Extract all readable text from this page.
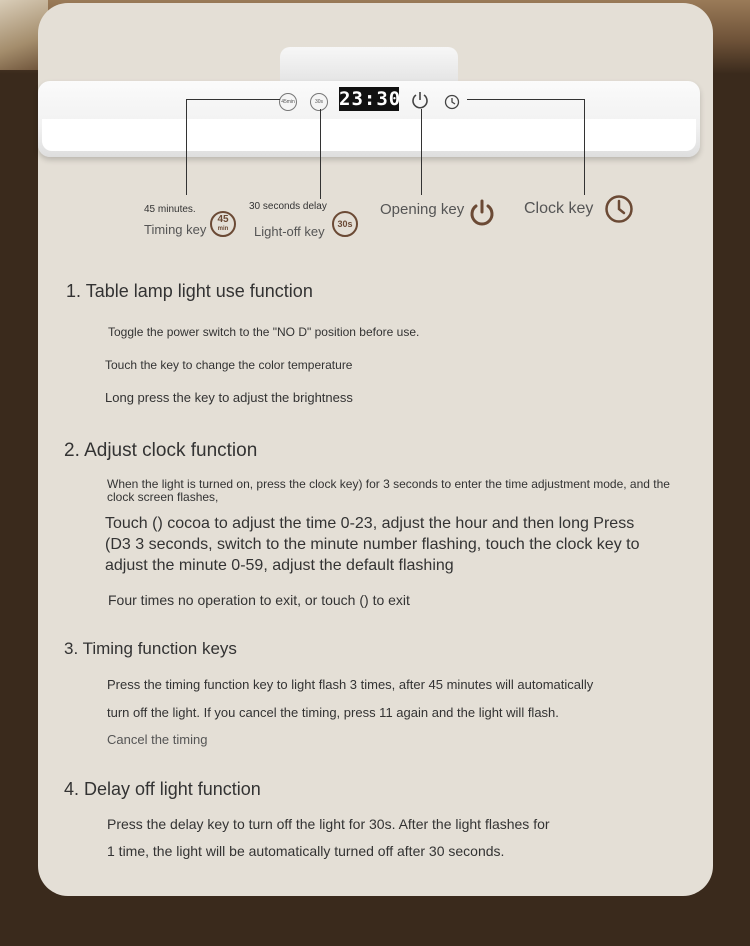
45min	30s 23:30
45 minutes.
Timing key
45
min
30 seconds delay
Light-off key	30s
Opening key	Clock key
1. Table lamp light use function
Toggle the power switch to the "NO D" position before use.
Touch the key to change the color temperature
Long press the key to adjust the brightness
2. Adjust clock function
When the light is turned on, press the clock key) for 3 seconds to enter the time adjustment mode, and the
clock screen flashes,
Touch () cocoa to adjust the time 0-23, adjust the hour and then long Press
(D3 3 seconds, switch to the minute number flashing, touch the clock key to
adjust the minute 0-59, adjust the default flashing
Four times no operation to exit, or touch () to exit
3. Timing function keys
Press the timing function key to light flash 3 times, after 45 minutes will automatically
turn off the light. If you cancel the timing, press 11 again and the light will flash.
Cancel the timing
4. Delay off light function
Press the delay key to turn off the light for 30s. After the light flashes for
1 time, the light will be automatically turned off after 30 seconds.
